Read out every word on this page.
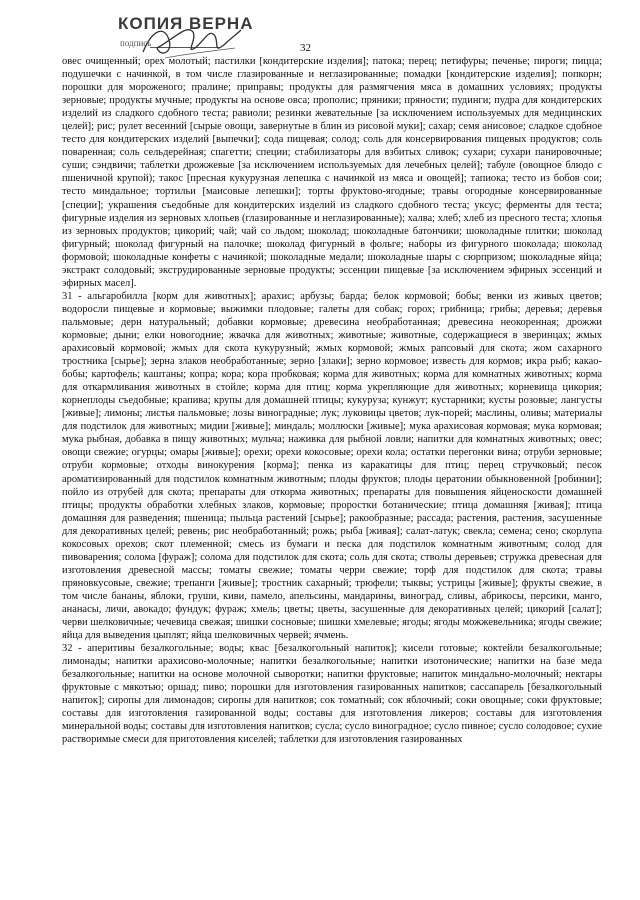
КОПИЯ ВЕРНА
подпись	32

овес очищенный; орех молотый; пастилки [кондитерские изделия]; патока; перец; петифуры; печенье; пироги; пицца; подушечки с начинкой, в том числе глазированные и неглазированные; помадки [кондитерские изделия]; попкорн; порошки для мороженого; пралине; приправы; продукты для размягчения мяса в домашних условиях; продукты зерновые; продукты мучные; продукты на основе овса; прополис; пряники; пряности; пудинги; пудра для кондитерских изделий из сладкого сдобного теста; равиоли; резинки жевательные [за исключением используемых для медицинских целей]; рис; рулет весенний [сырые овощи, завернутые в блин из рисовой муки]; сахар; семя анисовое; сладкое сдобное тесто для кондитерских изделий [выпечки]; сода пищевая; солод; соль для консервирования пищевых продуктов; соль поваренная; соль сельдерейная; спагетти; специи; стабилизаторы для взбитых сливок; сухари; сухари панировочные; суши; сэндвичи; таблетки дрожжевые [за исключением используемых для лечебных целей]; табуле (овощное блюдо с пшеничной крупой); такос [пресная кукурузная лепешка с начинкой из мяса и овощей]; тапиока; тесто из бобов сои; тесто миндальное; тортильи [маисовые лепешки]; торты фруктово-ягодные; травы огородные консервированные [специи]; украшения съедобные для кондитерских изделий из сладкого сдобного теста; уксус; ферменты для теста; фигурные изделия из зерновых хлопьев (глазированные и неглазированные); халва; хлеб; хлеб из пресного теста; хлопья из зерновых продуктов; цикорий; чай; чай со льдом; шоколад; шоколадные батончики; шоколадные плитки; шоколад фигурный; шоколад фигурный на палочке; шоколад фигурный в фольге; наборы из фигурного шоколада; шоколад формовой; шоколадные конфеты с начинкой; шоколадные медали; шоколадные шары с сюрпризом; шоколадные яйца; экстракт солодовый; экструдированные зерновые продукты; эссенции пищевые [за исключением эфирных эссенций и эфирных масел].

31 - альгаробилла [корм для животных]; арахис; арбузы; барда; белок кормовой; бобы; венки из живых цветов; водоросли пищевые и кормовые; выжимки плодовые; галеты для собак; горох; грибница; грибы; деревья; деревья пальмовые; дерн натуральный; добавки кормовые; древесина необработанная; древесина неокоренная; дрожжи кормовые; дыни; елки новогодние; жвачка для животных; животные; животные, содержащиеся в зверинцах; жмых арахисовый кормовой; жмых для скота кукурузный; жмых кормовой; жмых рапсовый для скота; жом сахарного тростника [сырье]; зерна злаков необработанные; зерно [злаки]; зерно кормовое; известь для кормов; икра рыб; какао-бобы; картофель; каштаны; копра; кора; кора пробковая; корма для животных; корма для комнатных животных; корма для откармливания животных в стойле; корма для птиц; корма укрепляющие для животных; корневища цикория; корнеплоды съедобные; крапива; крупы для домашней птицы; кукуруза; кунжут; кустарники; кусты розовые; лангусты [живые]; лимоны; листья пальмовые; лозы виноградные; лук; луковицы цветов; лук-порей; маслины, оливы; материалы для подстилок для животных; мидии [живые]; миндаль; моллюски [живые]; мука арахисовая кормовая; мука кормовая; мука рыбная, добавка в пищу животных; мульча; наживка для рыбной ловли; напитки для комнатных животных; овес; овощи свежие; огурцы; омары [живые]; орехи; орехи кокосовые; орехи кола; остатки перегонки вина; отруби зерновые; отруби кормовые; отходы винокурения [корма]; пенка из каракатицы для птиц; перец стручковый; песок ароматизированный для подстилок комнатным животным; плоды фруктов; плоды цератонии обыкновенной [робинии]; пойло из отрубей для скота; препараты для откорма животных; препараты для повышения яйценоскости домашней птицы; продукты обработки хлебных злаков, кормовые; проростки ботанические; птица домашняя [живая]; птица домашняя для разведения; пшеница; пыльца растений [сырье]; ракообразные; рассада; растения, растения, засушенные для декоративных целей; ревень; рис необработанный; рожь; рыба [живая]; салат-латук; свекла; семена; сено; скорлупа кокосовых орехов; скот племенной; смесь из бумаги и песка для подстилок комнатным животным; солод для пивоварения; солома [фураж]; солома для подстилок для скота; соль для скота; стволы деревьев; стружка древесная для изготовления древесной массы; томаты свежие; томаты черри свежие; торф для подстилок для скота; травы пряновкусовые, свежие; трепанги [живые]; тростник сахарный; трюфели; тыквы; устрицы [живые]; фрукты свежие, в том числе бананы, яблоки, груши, киви, памело, апельсины, мандарины, виноград, сливы, абрикосы, персики, манго, ананасы, личи, авокадо; фундук; фураж; хмель; цветы; цветы, засушенные для декоративных целей; цикорий [салат]; черви шелковичные; чечевица свежая; шишки сосновые; шишки хмелевые; ягоды; ягоды можжевельника; ягоды свежие; яйца для выведения цыплят; яйца шелковичных червей; ячмень.

32 - аперитивы безалкогольные; воды; квас [безалкогольный напиток]; кисели готовые; коктейли безалкогольные; лимонады; напитки арахисово-молочные; напитки безалкогольные; напитки изотонические; напитки на базе меда безалкогольные; напитки на основе молочной сыворотки; напитки фруктовые; напиток миндально-молочный; нектары фруктовые с мякотью; оршад; пиво; порошки для изготовления газированных напитков; сассапарель [безалкогольный напиток]; сиропы для лимонадов; сиропы для напитков; сок томатный; сок яблочный; соки овощные; соки фруктовые; составы для изготовления газированной воды; составы для изготовления ликеров; составы для изготовления минеральной воды; составы для изготовления напитков; сусла; сусло виноградное; сусло пивное; сусло солодовое; сухие растворимые смеси для приготовления киселей; таблетки для изготовления газированных
